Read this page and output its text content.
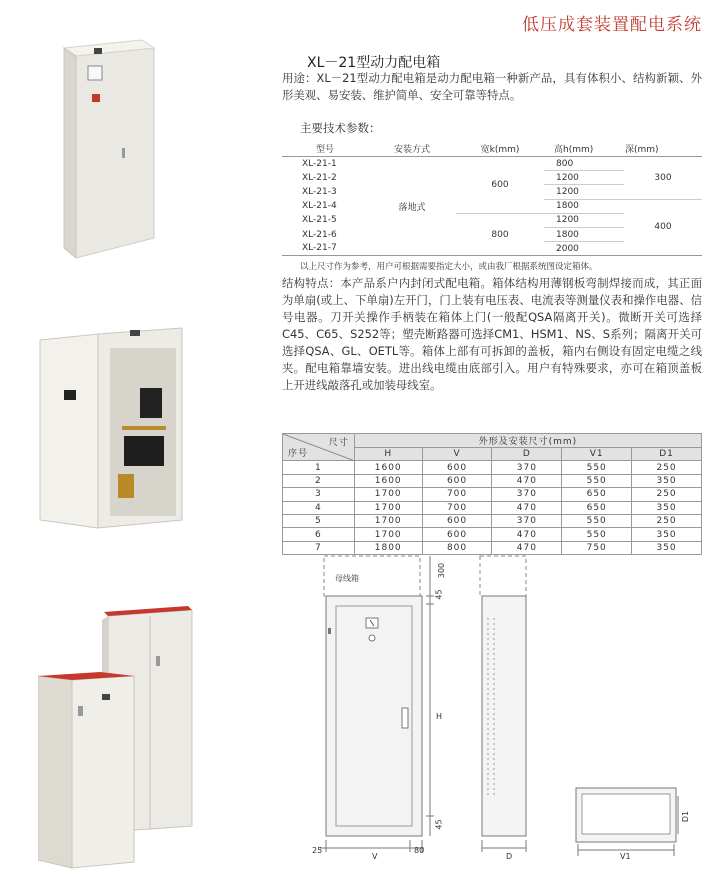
低压成套装置配电系统
XL－21型动力配电箱
用途：XL－21型动力配电箱是动力配电箱一种新产品，具有体积小、结构新颖、外形美观、易安装、维护简单、安全可靠等特点。
主要技术参数：
型号	安装方式	宽k(mm)	高h(mm)	深(mm)
XL-21-1	落地式	600	800	300
XL-21-2			1200	
XL-21-3			1200	
XL-21-4			1800	400
XL-21-5		800	1200	
XL-21-6			1800	
XL-21-7			2000	
以上尺寸作为参考，用户可根据需要指定大小，或由我厂根据系统图设定箱体。
结构特点：本产品系户内封闭式配电箱。箱体结构用薄钢板弯制焊接而成，其正面为单扇(或上、下单扇)左开门，门上装有电压表、电流表等测量仪表和操作电器、信号电器。刀开关操作手柄装在箱体上门(一般配QSA隔离开关)。微断开关可选择C45、C65、S252等；塑壳断路器可选择CM1、HSM1、NS、S系列；隔离开关可选择QSA、GL、OETL等。箱体上部有可拆卸的盖板，箱内右侧设有固定电缆之线夹。配电箱靠墙安装。进出线电缆由底部引入。用户有特殊要求，亦可在箱顶盖板上开进线敲落孔或加装母线室。
尺寸
序号	外形及安装尺寸(mm)				
	H	V	D	V1	D1
1	1600	600	370	550	250
2	1600	600	470	550	350
3	1700	700	370	650	250
4	1700	700	470	650	350
5	1700	600	370	550	250
6	1700	600	470	550	350
7	1800	800	470	750	350
母线箱
300
45
H
45
25
V
80
D
D1
V1
